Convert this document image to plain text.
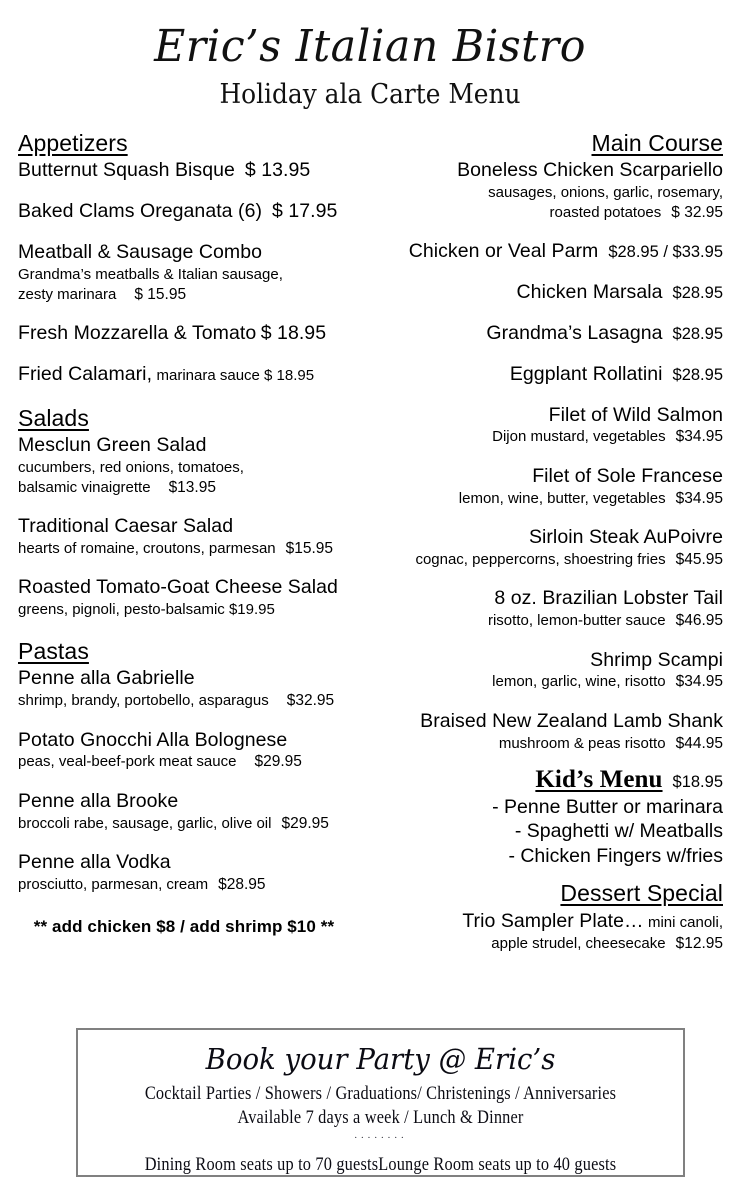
Eric’s Italian Bistro
Holiday ala Carte Menu
Appetizers
Butternut Squash Bisque $ 13.95
Baked Clams Oreganata (6) $ 17.95
Meatball & Sausage Combo
Grandma’s meatballs & Italian sausage,
zesty marinara $ 15.95
Fresh Mozzarella & Tomato $ 18.95
Fried Calamari, marinara sauce $ 18.95
Salads
Mesclun Green Salad
cucumbers, red onions, tomatoes,
balsamic vinaigrette $13.95
Traditional Caesar Salad
hearts of romaine, croutons, parmesan $15.95
Roasted Tomato-Goat Cheese Salad
greens, pignoli, pesto-balsamic $19.95
Pastas
Penne alla Gabrielle
shrimp, brandy, portobello, asparagus $32.95
Potato Gnocchi Alla Bolognese
peas, veal-beef-pork meat sauce $29.95
Penne alla Brooke
broccoli rabe, sausage, garlic, olive oil $29.95
Penne alla Vodka
prosciutto, parmesan, cream $28.95
** add chicken $8 / add shrimp $10 **
Main Course
Boneless Chicken Scarpariello
sausages, onions, garlic, rosemary,
roasted potatoes $ 32.95
Chicken or Veal Parm $28.95 / $33.95
Chicken Marsala $28.95
Grandma’s Lasagna $28.95
Eggplant Rollatini $28.95
Filet of Wild Salmon
Dijon mustard, vegetables $34.95
Filet of Sole Francese
lemon, wine, butter, vegetables $34.95
Sirloin Steak AuPoivre
cognac, peppercorns, shoestring fries $45.95
8 oz. Brazilian Lobster Tail
risotto, lemon-butter sauce $46.95
Shrimp Scampi
lemon, garlic, wine, risotto $34.95
Braised New Zealand Lamb Shank
mushroom & peas risotto $44.95
Kid’s Menu $18.95
- Penne Butter or marinara
- Spaghetti w/ Meatballs
- Chicken Fingers w/fries
Dessert Special
Trio Sampler Plate… mini canoli,
apple strudel, cheesecake $12.95
Book your Party @ Eric’s
Cocktail Parties / Showers / Graduations/ Christenings / Anniversaries
Available 7 days a week / Lunch & Dinner
········
Dining Room seats up to 70 guestsLounge Room seats up to 40 guests
